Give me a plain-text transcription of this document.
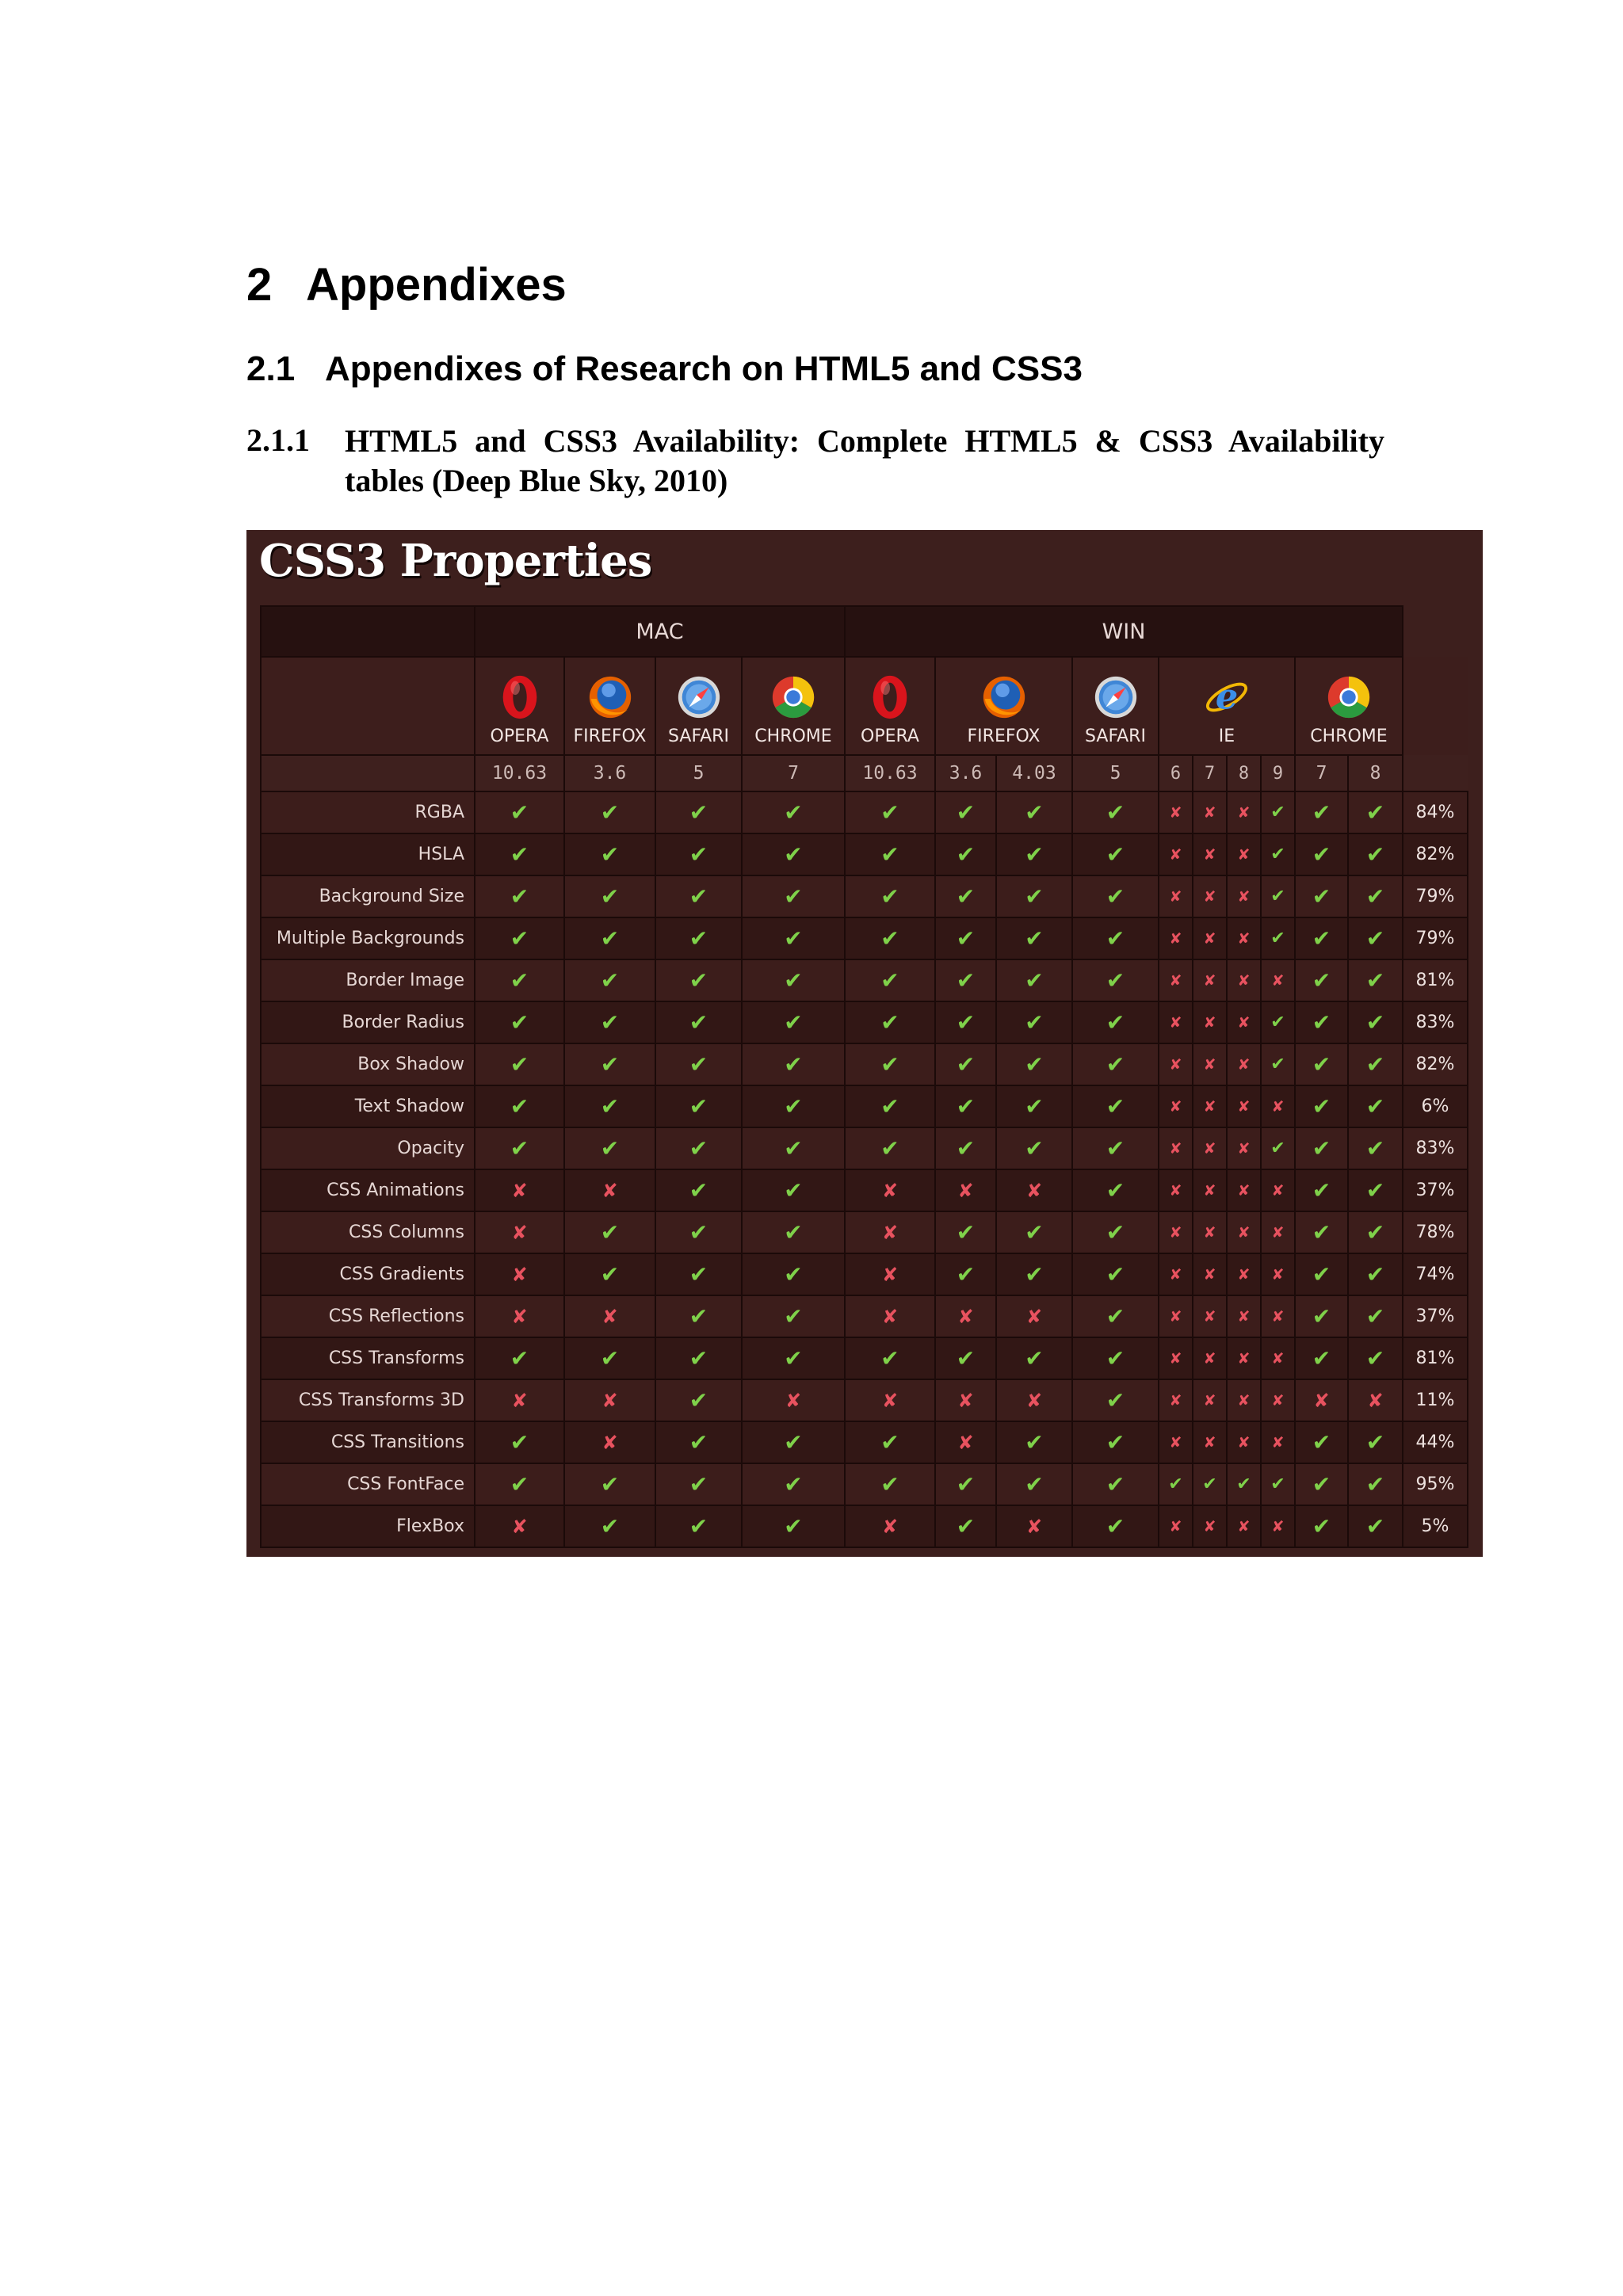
2 Appendixes
2.1 Appendixes of Research on HTML5 and CSS3
2.1.1 HTML5 and CSS3 Availability: Complete HTML5 & CSS3 Availability tables (Deep Blue Sky, 2010)
CSS3 Properties
	MAC				WIN										

	OPERA	FIREFOX	SAFARI	CHROME	OPERA	FIREFOX		SAFARI	IE				CHROME		

	10.63	3.6	5	7	10.63	3.6	4.03	5	6	7	8	9	7	8	
RGBA	✔	✔	✔	✔	✔	✔	✔	✔	✘	✘	✘	✔	✔	✔	84%
HSLA	✔	✔	✔	✔	✔	✔	✔	✔	✘	✘	✘	✔	✔	✔	82%
Background Size	✔	✔	✔	✔	✔	✔	✔	✔	✘	✘	✘	✔	✔	✔	79%
Multiple Backgrounds	✔	✔	✔	✔	✔	✔	✔	✔	✘	✘	✘	✔	✔	✔	79%
Border Image	✔	✔	✔	✔	✔	✔	✔	✔	✘	✘	✘	✘	✔	✔	81%
Border Radius	✔	✔	✔	✔	✔	✔	✔	✔	✘	✘	✘	✔	✔	✔	83%
Box Shadow	✔	✔	✔	✔	✔	✔	✔	✔	✘	✘	✘	✔	✔	✔	82%
Text Shadow	✔	✔	✔	✔	✔	✔	✔	✔	✘	✘	✘	✘	✔	✔	6%
Opacity	✔	✔	✔	✔	✔	✔	✔	✔	✘	✘	✘	✔	✔	✔	83%
CSS Animations	✘	✘	✔	✔	✘	✘	✘	✔	✘	✘	✘	✘	✔	✔	37%
CSS Columns	✘	✔	✔	✔	✘	✔	✔	✔	✘	✘	✘	✘	✔	✔	78%
CSS Gradients	✘	✔	✔	✔	✘	✔	✔	✔	✘	✘	✘	✘	✔	✔	74%
CSS Reflections	✘	✘	✔	✔	✘	✘	✘	✔	✘	✘	✘	✘	✔	✔	37%
CSS Transforms	✔	✔	✔	✔	✔	✔	✔	✔	✘	✘	✘	✘	✔	✔	81%
CSS Transforms 3D	✘	✘	✔	✘	✘	✘	✘	✔	✘	✘	✘	✘	✘	✘	11%
CSS Transitions	✔	✘	✔	✔	✔	✘	✔	✔	✘	✘	✘	✘	✔	✔	44%
CSS FontFace	✔	✔	✔	✔	✔	✔	✔	✔	✔	✔	✔	✔	✔	✔	95%
FlexBox	✘	✔	✔	✔	✘	✔	✘	✔	✘	✘	✘	✘	✔	✔	5%
